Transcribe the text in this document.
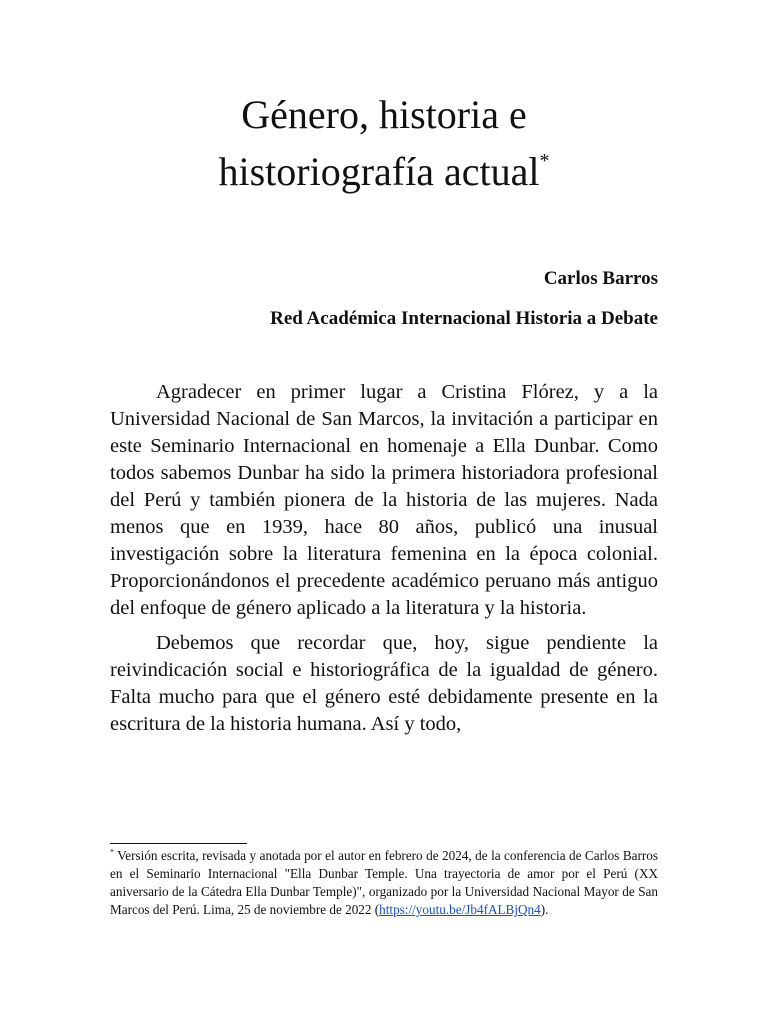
Género, historia e
historiografía actual*

Carlos Barros

Red Académica Internacional Historia a Debate

Agradecer en primer lugar a Cristina Flórez, y a la Universidad Nacional de San Marcos, la invitación a participar en este Seminario Internacional en homenaje a Ella Dunbar. Como todos sabemos Dunbar ha sido la primera historiadora profesional del Perú y también pionera de la historia de las mujeres. Nada menos que en 1939, hace 80 años, publicó una inusual investigación sobre la literatura femenina en la época colonial. Proporcionándonos el precedente académico peruano más antiguo del enfoque de género aplicado a la literatura y la historia.

Debemos que recordar que, hoy, sigue pendiente la reivindicación social e historiográfica de la igualdad de género. Falta mucho para que el género esté debidamente presente en la escritura de la historia humana. Así y todo,

* Versión escrita, revisada y anotada por el autor en febrero de 2024, de la conferencia de Carlos Barros en el Seminario Internacional "Ella Dunbar Temple. Una trayectoria de amor por el Perú (XX aniversario de la Cátedra Ella Dunbar Temple)", organizado por la Universidad Nacional Mayor de San Marcos del Perú. Lima, 25 de noviembre de 2022 (https://youtu.be/Jb4fALBjQn4).
